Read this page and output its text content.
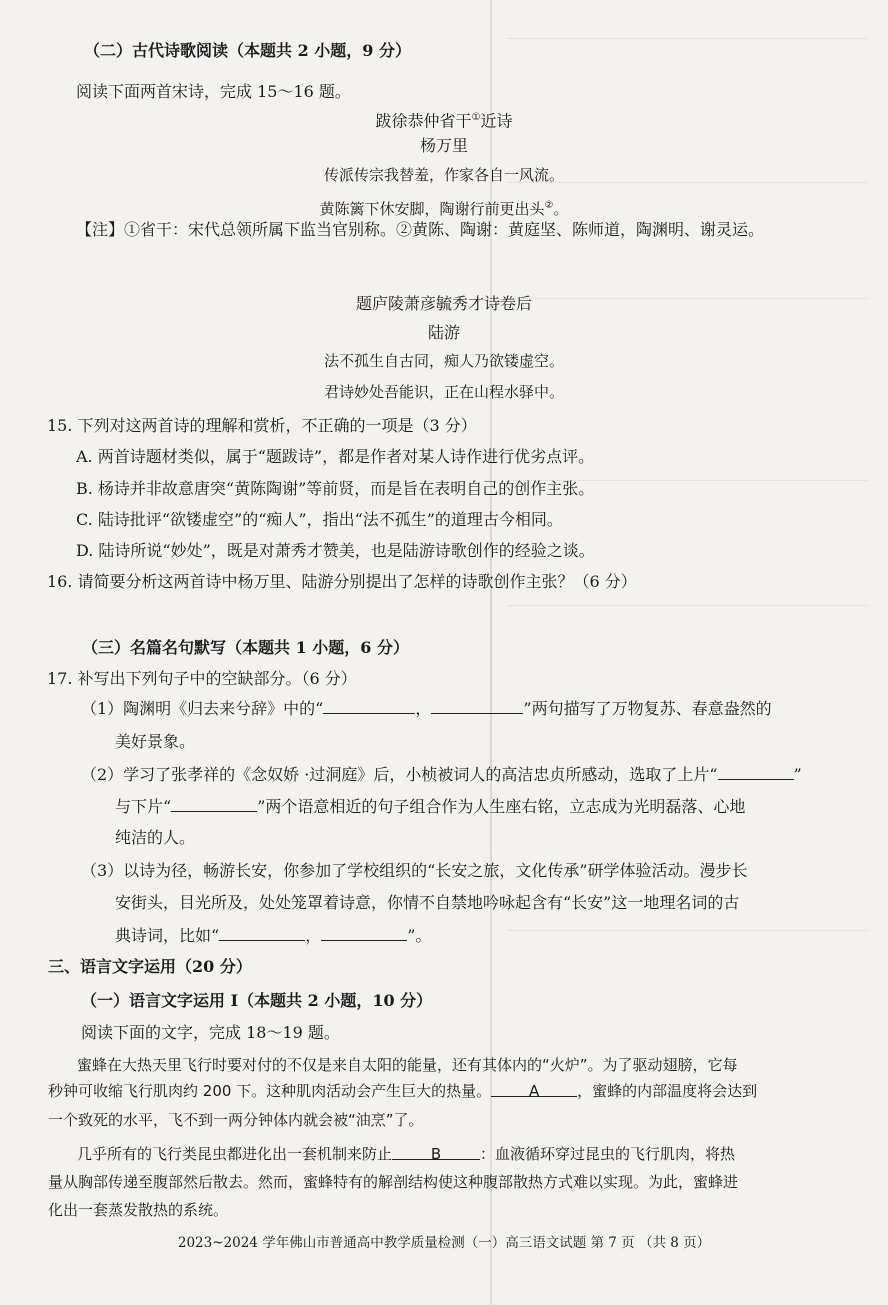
（二）古代诗歌阅读（本题共 2 小题，9 分）
阅读下面两首宋诗，完成 15～16 题。
跋徐恭仲省干①近诗
杨万里
传派传宗我替羞，作家各自一风流。
黄陈篱下休安脚，陶谢行前更出头②。
【注】①省干：宋代总领所属下监当官别称。②黄陈、陶谢：黄庭坚、陈师道，陶渊明、谢灵运。
题庐陵萧彦毓秀才诗卷后
陆游
法不孤生自古同，痴人乃欲镂虚空。
君诗妙处吾能识，正在山程水驿中。
15. 下列对这两首诗的理解和赏析，不正确的一项是（3 分）
A. 两首诗题材类似，属于“题跋诗”，都是作者对某人诗作进行优劣点评。
B. 杨诗并非故意唐突“黄陈陶谢”等前贤，而是旨在表明自己的创作主张。
C. 陆诗批评“欲镂虚空”的“痴人”，指出“法不孤生”的道理古今相同。
D. 陆诗所说“妙处”，既是对萧秀才赞美，也是陆游诗歌创作的经验之谈。
16. 请简要分析这两首诗中杨万里、陆游分别提出了怎样的诗歌创作主张？（6 分）
（三）名篇名句默写（本题共 1 小题，6 分）
17. 补写出下列句子中的空缺部分。（6 分）
（1）陶渊明《归去来兮辞》中的“	，	”两句描写了万物复苏、春意盎然的
美好景象。
（2）学习了张孝祥的《念奴娇 ·过洞庭》后，小桢被词人的高洁忠贞所感动，选取了上片“	”
与下片“	”两个语意相近的句子组合作为人生座右铭，立志成为光明磊落、心地
纯洁的人。
（3）以诗为径，畅游长安，你参加了学校组织的“长安之旅，文化传承”研学体验活动。漫步长
安街头，目光所及，处处笼罩着诗意，你情不自禁地吟咏起含有“长安”这一地理名词的古
典诗词，比如“	，	”。
三、语言文字运用（20 分）
（一）语言文字运用 Ⅰ（本题共 2 小题，10 分）
阅读下面的文字，完成 18～19 题。
蜜蜂在大热天里飞行时要对付的不仅是来自太阳的能量，还有其体内的“火炉”。为了驱动翅膀，它每
秒钟可收缩飞行肌肉约 200 下。这种肌肉活动会产生巨大的热量。	A	，蜜蜂的内部温度将会达到
一个致死的水平，飞不到一两分钟体内就会被“油烹”了。
几乎所有的飞行类昆虫都进化出一套机制来防止	B	：血液循环穿过昆虫的飞行肌肉，将热
量从胸部传递至腹部然后散去。然而，蜜蜂特有的解剖结构使这种腹部散热方式难以实现。为此，蜜蜂进
化出一套蒸发散热的系统。
2023~2024 学年佛山市普通高中教学质量检测（一）高三语文试题 第 7 页 （共 8 页）
